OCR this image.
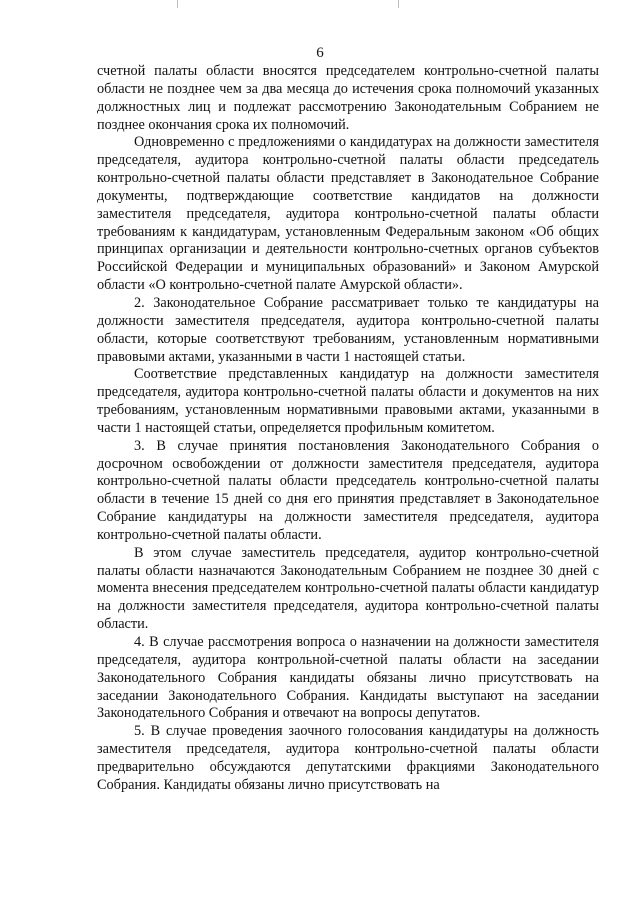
6

счетной палаты области вносятся председателем контрольно-счетной палаты области не позднее чем за два месяца до истечения срока полномочий указанных должностных лиц и подлежат рассмотрению Законодательным Собранием не позднее окончания срока их полномочий.

Одновременно с предложениями о кандидатурах на должности заместителя председателя, аудитора контрольно-счетной палаты области председатель контрольно-счетной палаты области представляет в Законодательное Собрание документы, подтверждающие соответствие кандидатов на должности заместителя председателя, аудитора контрольно-счетной палаты области требованиям к кандидатурам, установленным Федеральным законом «Об общих принципах организации и деятельности контрольно-счетных органов субъектов Российской Федерации и муниципальных образований» и Законом Амурской области «О контрольно-счетной палате Амурской области».

2. Законодательное Собрание рассматривает только те кандидатуры на должности заместителя председателя, аудитора контрольно-счетной палаты области, которые соответствуют требованиям, установленным нормативными правовыми актами, указанными в части 1 настоящей статьи.

Соответствие представленных кандидатур на должности заместителя председателя, аудитора контрольно-счетной палаты области и документов на них требованиям, установленным нормативными правовыми актами, указанными в части 1 настоящей статьи, определяется профильным комитетом.

3. В случае принятия постановления Законодательного Собрания о досрочном освобождении от должности заместителя председателя, аудитора контрольно-счетной палаты области председатель контрольно-счетной палаты области в течение 15 дней со дня его принятия представляет в Законодательное Собрание кандидатуры на должности заместителя председателя, аудитора контрольно-счетной палаты области.

В этом случае заместитель председателя, аудитор контрольно-счетной палаты области назначаются Законодательным Собранием не позднее 30 дней с момента внесения председателем контрольно-счетной палаты области кандидатур на должности заместителя председателя, аудитора контрольно-счетной палаты области.

4. В случае рассмотрения вопроса о назначении на должности заместителя председателя, аудитора контрольной-счетной палаты области на заседании Законодательного Собрания кандидаты обязаны лично присутствовать на заседании Законодательного Собрания. Кандидаты выступают на заседании Законодательного Собрания и отвечают на вопросы депутатов.

5. В случае проведения заочного голосования кандидатуры на должность заместителя председателя, аудитора контрольно-счетной палаты области предварительно обсуждаются депутатскими фракциями Законодательного Собрания. Кандидаты обязаны лично присутствовать на
